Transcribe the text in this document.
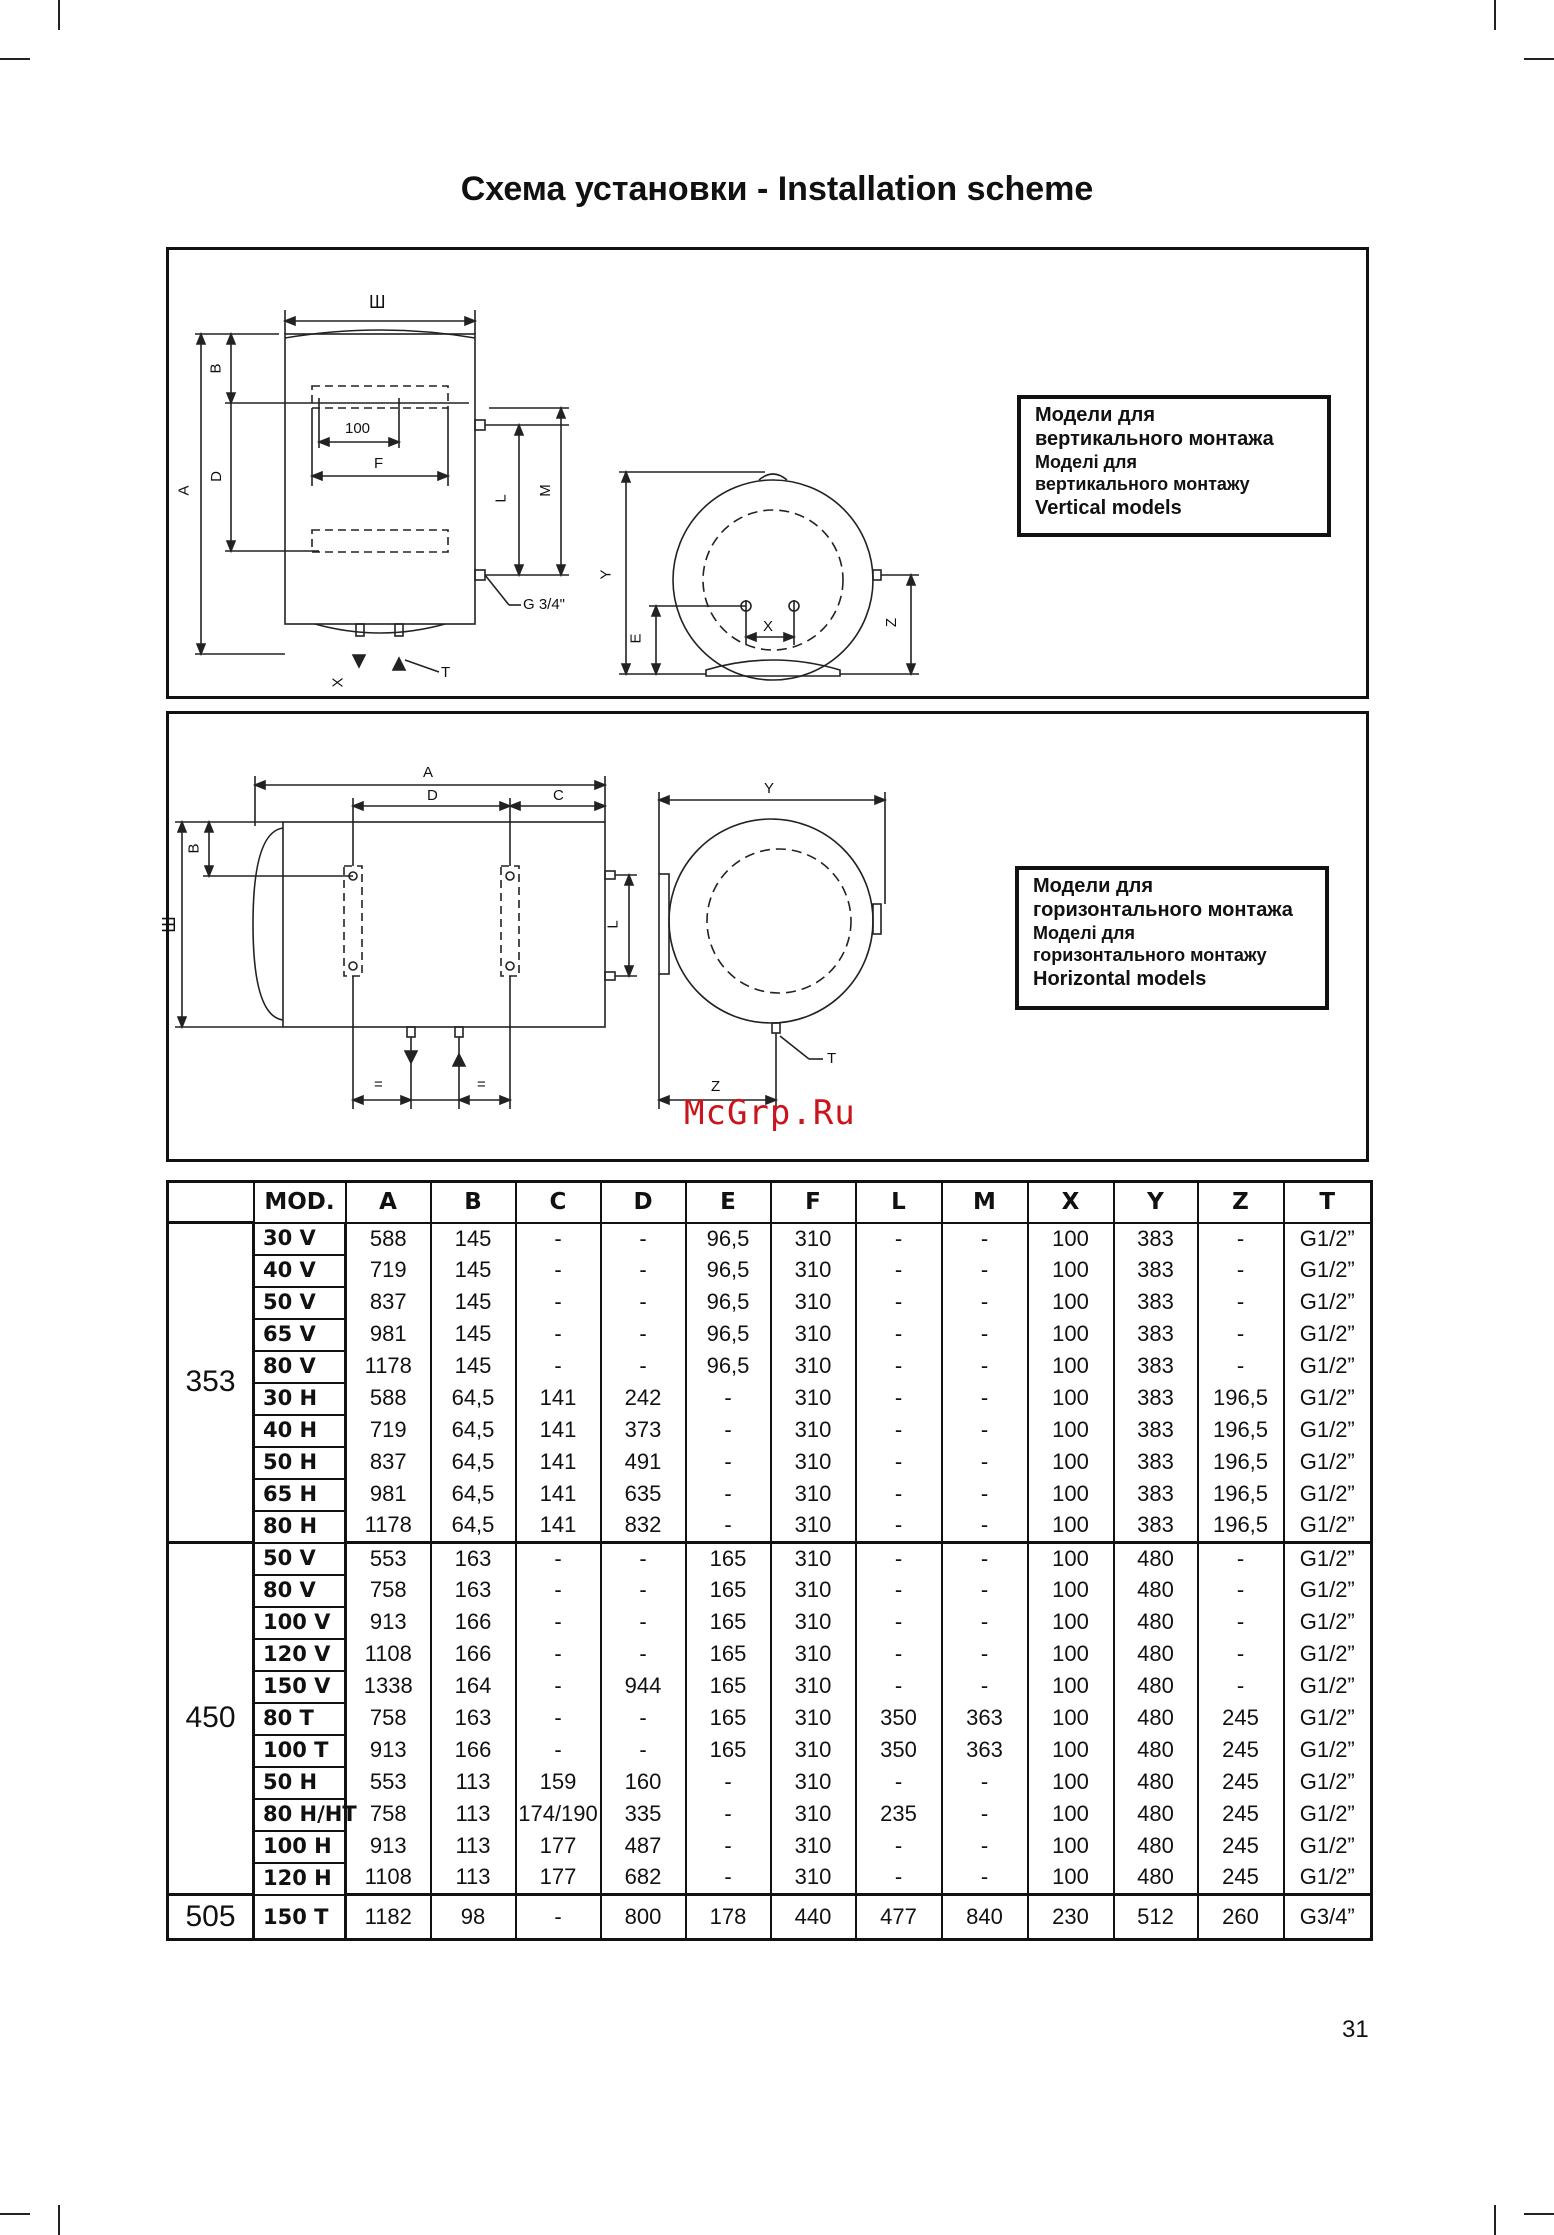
Схема установки - Installation scheme
Ш
A
B
D
100
F
L
M
G 3/4"
X
T
Y
E
X	Z
Модели для
вертикального монтажа
Моделі для
вертикального монтажу
Vertical models
A
D	C
B
Ш	L
=	=
Y
Z
T
Модели для
горизонтального монтажа
Моделі для
горизонтального монтажу
Horizontal models
McGrp.Ru
	MOD.	A	B	C	D	E	F	L	M	X	Y	Z	T
353	30 V	588	145	-	-	96,5	310	-	-	100	383	-	G1/2”
	40 V	719	145	-	-	96,5	310	-	-	100	383	-	G1/2”
	50 V	837	145	-	-	96,5	310	-	-	100	383	-	G1/2”
	65 V	981	145	-	-	96,5	310	-	-	100	383	-	G1/2”
	80 V	1178	145	-	-	96,5	310	-	-	100	383	-	G1/2”
	30 H	588	64,5	141	242	-	310	-	-	100	383	196,5	G1/2”
	40 H	719	64,5	141	373	-	310	-	-	100	383	196,5	G1/2”
	50 H	837	64,5	141	491	-	310	-	-	100	383	196,5	G1/2”
	65 H	981	64,5	141	635	-	310	-	-	100	383	196,5	G1/2”
	80 H	1178	64,5	141	832	-	310	-	-	100	383	196,5	G1/2”
450	50 V	553	163	-	-	165	310	-	-	100	480	-	G1/2”
	80 V	758	163	-	-	165	310	-	-	100	480	-	G1/2”
	100 V	913	166	-	-	165	310	-	-	100	480	-	G1/2”
	120 V	1108	166	-	-	165	310	-	-	100	480	-	G1/2”
	150 V	1338	164	-	944	165	310	-	-	100	480	-	G1/2”
	80 T	758	163	-	-	165	310	350	363	100	480	245	G1/2”
	100 T	913	166	-	-	165	310	350	363	100	480	245	G1/2”
	50 H	553	113	159	160	-	310	-	-	100	480	245	G1/2”
	80 H/HT	758	113	174/190	335	-	310	235	-	100	480	245	G1/2”
	100 H	913	113	177	487	-	310	-	-	100	480	245	G1/2”
	120 H	1108	113	177	682	-	310	-	-	100	480	245	G1/2”
505	150 T	1182	98	-	800	178	440	477	840	230	512	260	G3/4”
31
